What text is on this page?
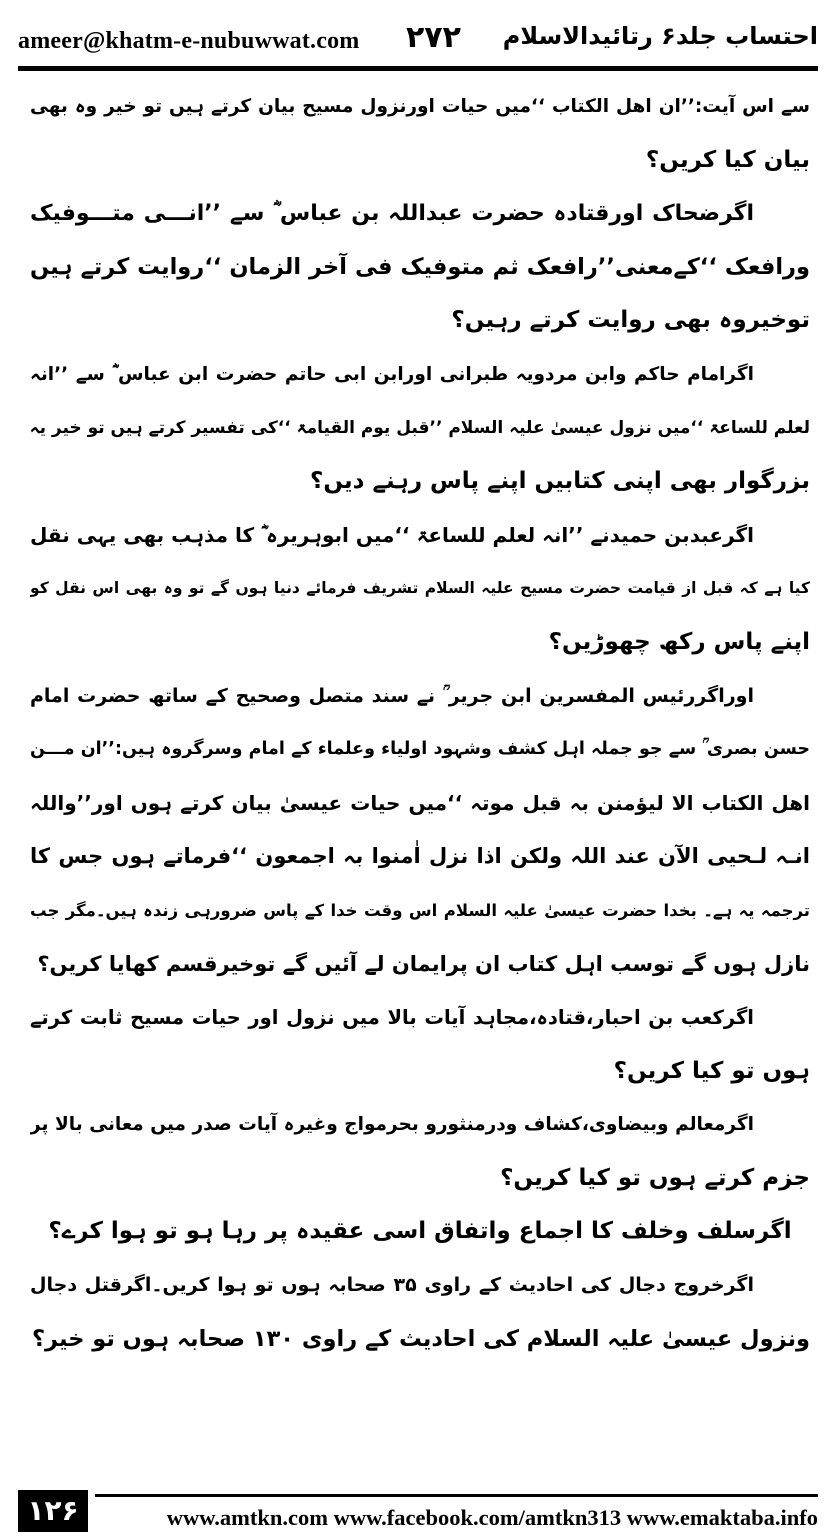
ameer@khatm-e-nubuwwat.com ۲۷۲ احتساب جلد۶ رتائیدالاسلام
سے اس آیت:’’ان اھل الکتاب ‘‘میں حیات اورنزول مسیح بیان کرتے ہیں تو خیر وہ بھی
بیان کیا کریں؟
اگرضحاک اورقتادہ حضرت عبداللہ بن عباس ؓ سے ’’انـــی متـــوفیک
ورافعک ‘‘کےمعنی’’رافعک ثم متوفیک فی آخر الزمان ‘‘روایت کرتے ہیں
توخیروہ بھی روایت کرتے رہیں؟
اگرامام حاکم وابن مردویہ طبرانی اورابن ابی حاتم حضرت ابن عباس ؓ سے ’’انہ
لعلم للساعۃ ‘‘میں نزول عیسیٰ علیہ السلام ’’قبل یوم القیامۃ ‘‘کی تفسیر کرتے ہیں تو خیر یہ
بزرگوار بھی اپنی کتابیں اپنے پاس رہنے دیں؟
اگرعبدبن حمیدنے ’’انہ لعلم للساعۃ ‘‘میں ابوہریرہ ؓ کا مذہب بھی یہی نقل
کیا ہے کہ قبل از قیامت حضرت مسیح علیہ السلام تشریف فرمائے دنیا ہوں گے تو وہ بھی اس نقل کو
اپنے پاس رکھ چھوڑیں؟
اوراگررئیس المفسرین ابن جریر ؒ نے سند متصل وصحیح کے ساتھ حضرت امام
حسن بصری ؒ سے جو جملہ اہل کشف وشہود اولیاء وعلماء کے امام وسرگروہ ہیں:’’ان مـــن
اھل الکتاب الا لیؤمنن بہ قبل موتہ ‘‘میں حیات عیسیٰ بیان کرتے ہوں اور’’واللہ
انـہ لـحیی الآن عند اللہ ولکن اذا نزل اٰمنوا بہ اجمعون ‘‘فرماتے ہوں جس کا
ترجمہ یہ ہے۔ بخدا حضرت عیسیٰ علیہ السلام اس وقت خدا کے پاس ضرورہی زندہ ہیں۔مگر جب
نازل ہوں گے توسب اہل کتاب ان پرایمان لے آئیں گے توخیرقسم کھایا کریں؟
اگرکعب بن احبار،قتادہ،مجاہد آیات بالا میں نزول اور حیات مسیح ثابت کرتے
ہوں تو کیا کریں؟
اگرمعالم وبیضاوی،کشاف ودرمنثورو بحرمواج وغیرہ آیات صدر میں معانی بالا پر
جزم کرتے ہوں تو کیا کریں؟
اگرسلف وخلف کا اجماع واتفاق اسی عقیدہ پر رہا ہو تو ہوا کرے؟
اگرخروج دجال کی احادیث کے راوی ۳۵ صحابہ ہوں تو ہوا کریں۔اگرقتل دجال
ونزول عیسیٰ علیہ السلام کی احادیث کے راوی ۱۳۰ صحابہ ہوں تو خیر؟
۱۲۶	www.amtkn.com www.facebook.com/amtkn313 www.emaktaba.info
